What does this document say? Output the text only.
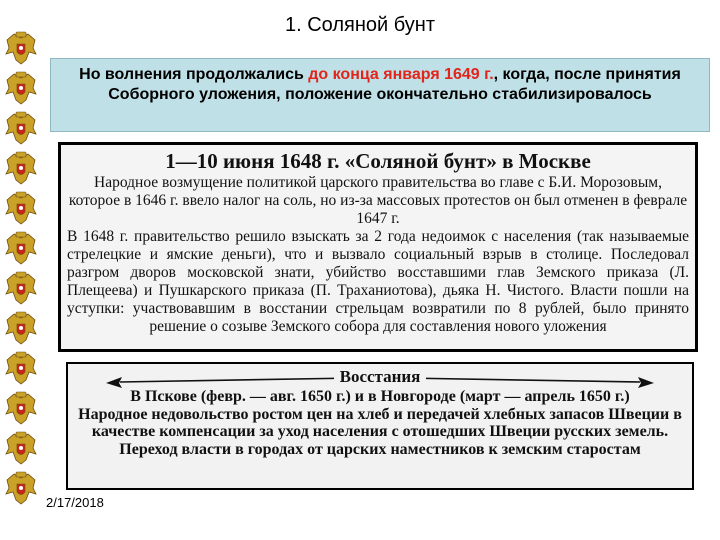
1. Соляной бунт
Но волнения продолжались до конца января 1649 г., когда, после принятия Соборного уложения, положение окончательно стабилизировалось
1—10 июня 1648 г. «Соляной бунт» в Москве

Народное возмущение политикой царского правительства во главе с Б.И. Морозовым, которое в 1646 г. ввело налог на соль, но из-за массовых протестов он был отменен в феврале 1647 г.

В 1648 г. правительство решило взыскать за 2 года недоимок с населения (так называемые стрелецкие и ямские деньги), что и вызвало социальный взрыв в столице. Последовал разгром дворов московской знати, убийство восставшими глав Земского приказа (Л. Плещеева) и Пушкарского приказа (П. Траханиотова), дьяка Н. Чистого. Власти пошли на уступки: участвовавшим в восстании стрельцам возвратили по 8 рублей, было принято решение о созыве Земского собора для составления нового уложения

Восстания

В Пскове (февр. — авг. 1650 г.) и в Новгороде (март — апрель 1650 г.)

Народное недовольство ростом цен на хлеб и передачей хлебных запасов Швеции в качестве компенсации за уход населения с отошедших Швеции русских земель. Переход власти в городах от царских наместников к земским старостам

2/17/2018
